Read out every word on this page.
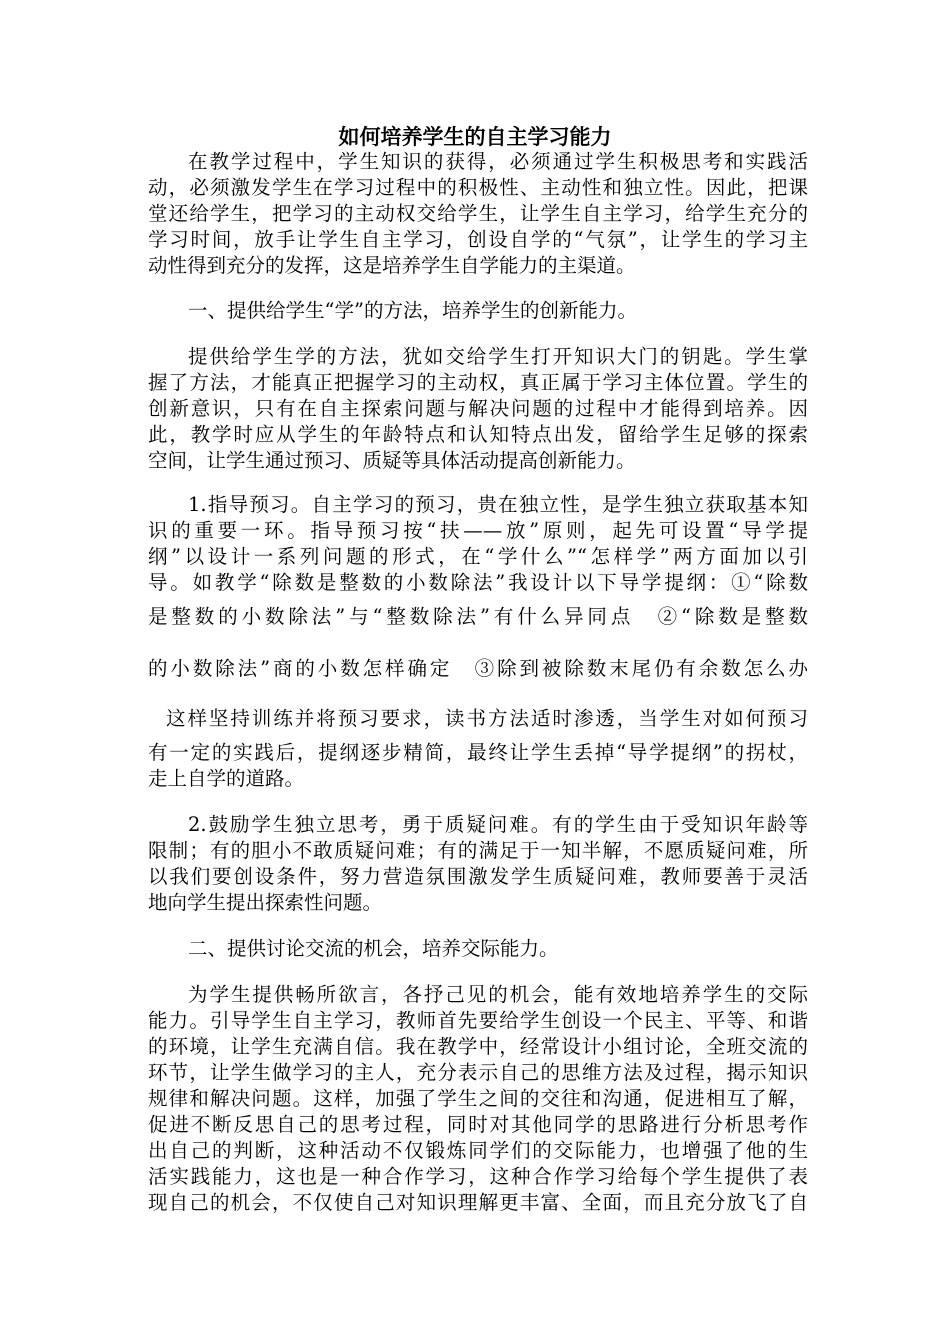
如何培养学生的自主学习能力
在教学过程中，学生知识的获得，必须通过学生积极思考和实践活
动，必须激发学生在学习过程中的积极性、主动性和独立性。因此，把课
堂还给学生，把学习的主动权交给学生，让学生自主学习，给学生充分的
学习时间，放手让学生自主学习，创设自学的“气氛”，让学生的学习主
动性得到充分的发挥，这是培养学生自学能力的主渠道。
一、提供给学生“学”的方法，培养学生的创新能力。
提供给学生学的方法，犹如交给学生打开知识大门的钥匙。学生掌
握了方法，才能真正把握学习的主动权，真正属于学习主体位置。学生的
创新意识，只有在自主探索问题与解决问题的过程中才能得到培养。因
此，教学时应从学生的年龄特点和认知特点出发，留给学生足够的探索
空间，让学生通过预习、质疑等具体活动提高创新能力。
1.指导预习。自主学习的预习，贵在独立性，是学生独立获取基本知
识的重要一环。指导预习按“扶——放”原则，起先可设置“导学提
纲”以设计一系列问题的形式，在“学什么”“怎样学”两方面加以引
导。如教学“除数是整数的小数除法”我设计以下导学提纲：①“除数
是整数的小数除法”与“整数除法”有什么异同点　②“除数是整数
的小数除法”商的小数怎样确定　③除到被除数末尾仍有余数怎么办
这样坚持训练并将预习要求，读书方法适时渗透，当学生对如何预习
有一定的实践后，提纲逐步精简，最终让学生丢掉“导学提纲”的拐杖，
走上自学的道路。
2.鼓励学生独立思考，勇于质疑问难。有的学生由于受知识年龄等
限制；有的胆小不敢质疑问难；有的满足于一知半解，不愿质疑问难，所
以我们要创设条件，努力营造氛围激发学生质疑问难，教师要善于灵活
地向学生提出探索性问题。
二、提供讨论交流的机会，培养交际能力。
为学生提供畅所欲言，各抒己见的机会，能有效地培养学生的交际
能力。引导学生自主学习，教师首先要给学生创设一个民主、平等、和谐
的环境，让学生充满自信。我在教学中，经常设计小组讨论，全班交流的
环节，让学生做学习的主人，充分表示自己的思维方法及过程，揭示知识
规律和解决问题。这样，加强了学生之间的交往和沟通，促进相互了解，
促进不断反思自己的思考过程，同时对其他同学的思路进行分析思考作
出自己的判断，这种活动不仅锻炼同学们的交际能力，也增强了他的生
活实践能力，这也是一种合作学习，这种合作学习给每个学生提供了表
现自己的机会，不仅使自己对知识理解更丰富、全面，而且充分放飞了自
